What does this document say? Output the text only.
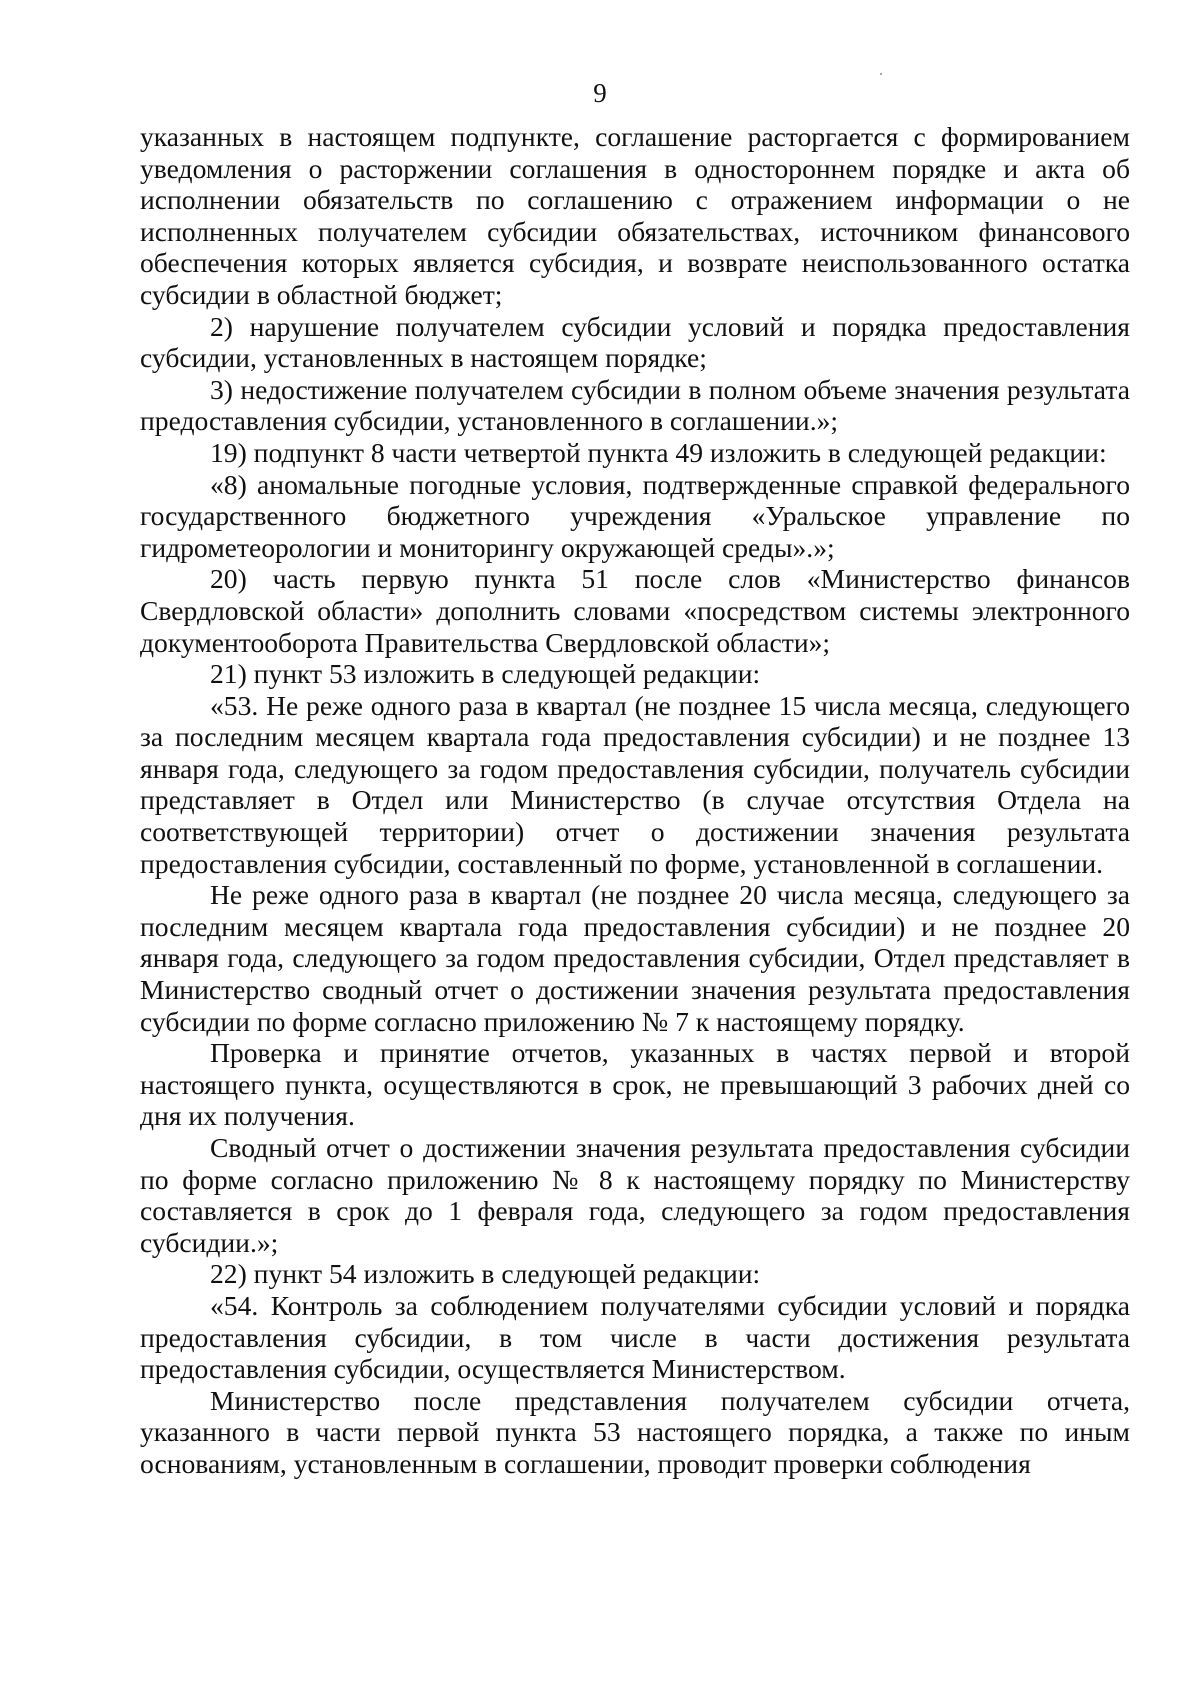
9

указанных в настоящем подпункте, соглашение расторгается с формированием уведомления о расторжении соглашения в одностороннем порядке и акта об исполнении обязательств по соглашению с отражением информации о не исполненных получателем субсидии обязательствах, источником финансового обеспечения которых является субсидия, и возврате неиспользованного остатка субсидии в областной бюджет;

2) нарушение получателем субсидии условий и порядка предоставления субсидии, установленных в настоящем порядке;

3) недостижение получателем субсидии в полном объеме значения результата предоставления субсидии, установленного в соглашении.»;

19) подпункт 8 части четвертой пункта 49 изложить в следующей редакции:

«8) аномальные погодные условия, подтвержденные справкой федерального государственного бюджетного учреждения «Уральское управление по гидрометеорологии и мониторингу окружающей среды».»;

20) часть первую пункта 51 после слов «Министерство финансов Свердловской области» дополнить словами «посредством системы электронного документооборота Правительства Свердловской области»;

21) пункт 53 изложить в следующей редакции:

«53. Не реже одного раза в квартал (не позднее 15 числа месяца, следующего за последним месяцем квартала года предоставления субсидии) и не позднее 13 января года, следующего за годом предоставления субсидии, получатель субсидии представляет в Отдел или Министерство (в случае отсутствия Отдела на соответствующей территории) отчет о достижении значения результата предоставления субсидии, составленный по форме, установленной в соглашении.

Не реже одного раза в квартал (не позднее 20 числа месяца, следующего за последним месяцем квартала года предоставления субсидии) и не позднее 20 января года, следующего за годом предоставления субсидии, Отдел представляет в Министерство сводный отчет о достижении значения результата предоставления субсидии по форме согласно приложению № 7 к настоящему порядку.

Проверка и принятие отчетов, указанных в частях первой и второй настоящего пункта, осуществляются в срок, не превышающий 3 рабочих дней со дня их получения.

Сводный отчет о достижении значения результата предоставления субсидии по форме согласно приложению № 8 к настоящему порядку по Министерству составляется в срок до 1 февраля года, следующего за годом предоставления субсидии.»;

22) пункт 54 изложить в следующей редакции:

«54. Контроль за соблюдением получателями субсидии условий и порядка предоставления субсидии, в том числе в части достижения результата предоставления субсидии, осуществляется Министерством.

Министерство после представления получателем субсидии отчета, указанного в части первой пункта 53 настоящего порядка, а также по иным основаниям, установленным в соглашении, проводит проверки соблюдения
